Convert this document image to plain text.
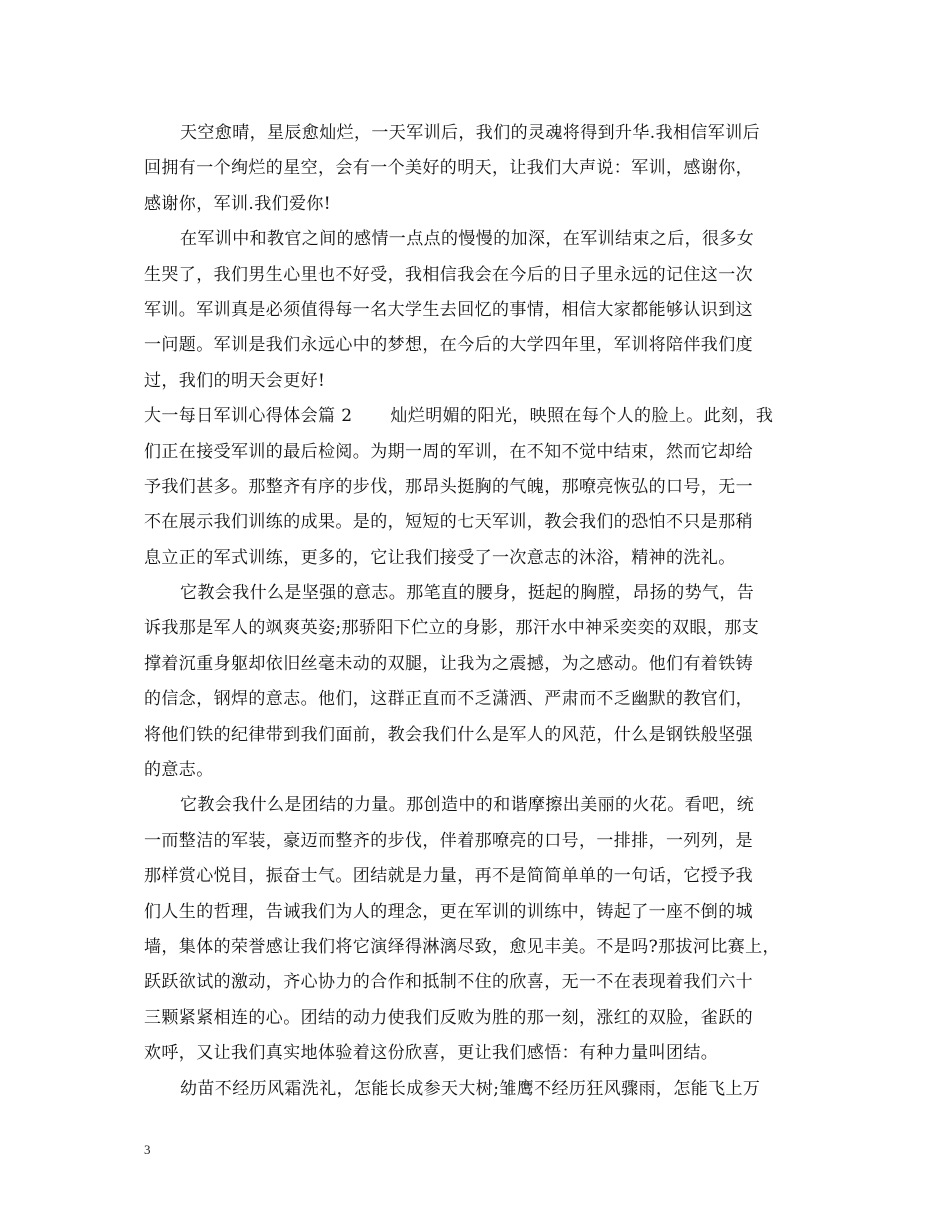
天空愈晴，星辰愈灿烂，一天军训后，我们的灵魂将得到升华.我相信军训后
回拥有一个绚烂的星空，会有一个美好的明天，让我们大声说：军训，感谢你，
感谢你，军训.我们爱你!
在军训中和教官之间的感情一点点的慢慢的加深，在军训结束之后，很多女
生哭了，我们男生心里也不好受，我相信我会在今后的日子里永远的记住这一次
军训。军训真是必须值得每一名大学生去回忆的事情，相信大家都能够认识到这
一问题。军训是我们永远心中的梦想，在今后的大学四年里，军训将陪伴我们度
过，我们的明天会更好!
大一每日军训心得体会篇 2 灿烂明媚的阳光，映照在每个人的脸上。此刻，我
们正在接受军训的最后检阅。为期一周的军训，在不知不觉中结束，然而它却给
予我们甚多。那整齐有序的步伐，那昂头挺胸的气魄，那嘹亮恢弘的口号，无一
不在展示我们训练的成果。是的，短短的七天军训，教会我们的恐怕不只是那稍
息立正的军式训练，更多的，它让我们接受了一次意志的沐浴，精神的洗礼。
它教会我什么是坚强的意志。那笔直的腰身，挺起的胸膛，昂扬的势气，告
诉我那是军人的飒爽英姿;那骄阳下伫立的身影，那汗水中神采奕奕的双眼，那支
撑着沉重身躯却依旧丝毫未动的双腿，让我为之震撼，为之感动。他们有着铁铸
的信念，钢焊的意志。他们，这群正直而不乏潇洒、严肃而不乏幽默的教官们，
将他们铁的纪律带到我们面前，教会我们什么是军人的风范，什么是钢铁般坚强
的意志。
它教会我什么是团结的力量。那创造中的和谐摩擦出美丽的火花。看吧，统
一而整洁的军装，豪迈而整齐的步伐，伴着那嘹亮的口号，一排排，一列列，是
那样赏心悦目，振奋士气。团结就是力量，再不是简简单单的一句话，它授予我
们人生的哲理，告诫我们为人的理念，更在军训的训练中，铸起了一座不倒的城
墙，集体的荣誉感让我们将它演绎得淋漓尽致，愈见丰美。不是吗?那拔河比赛上，
跃跃欲试的激动，齐心协力的合作和抵制不住的欣喜，无一不在表现着我们六十
三颗紧紧相连的心。团结的动力使我们反败为胜的那一刻，涨红的双脸，雀跃的
欢呼，又让我们真实地体验着这份欣喜，更让我们感悟：有种力量叫团结。
幼苗不经历风霜洗礼，怎能长成参天大树;雏鹰不经历狂风骤雨，怎能飞上万
3
